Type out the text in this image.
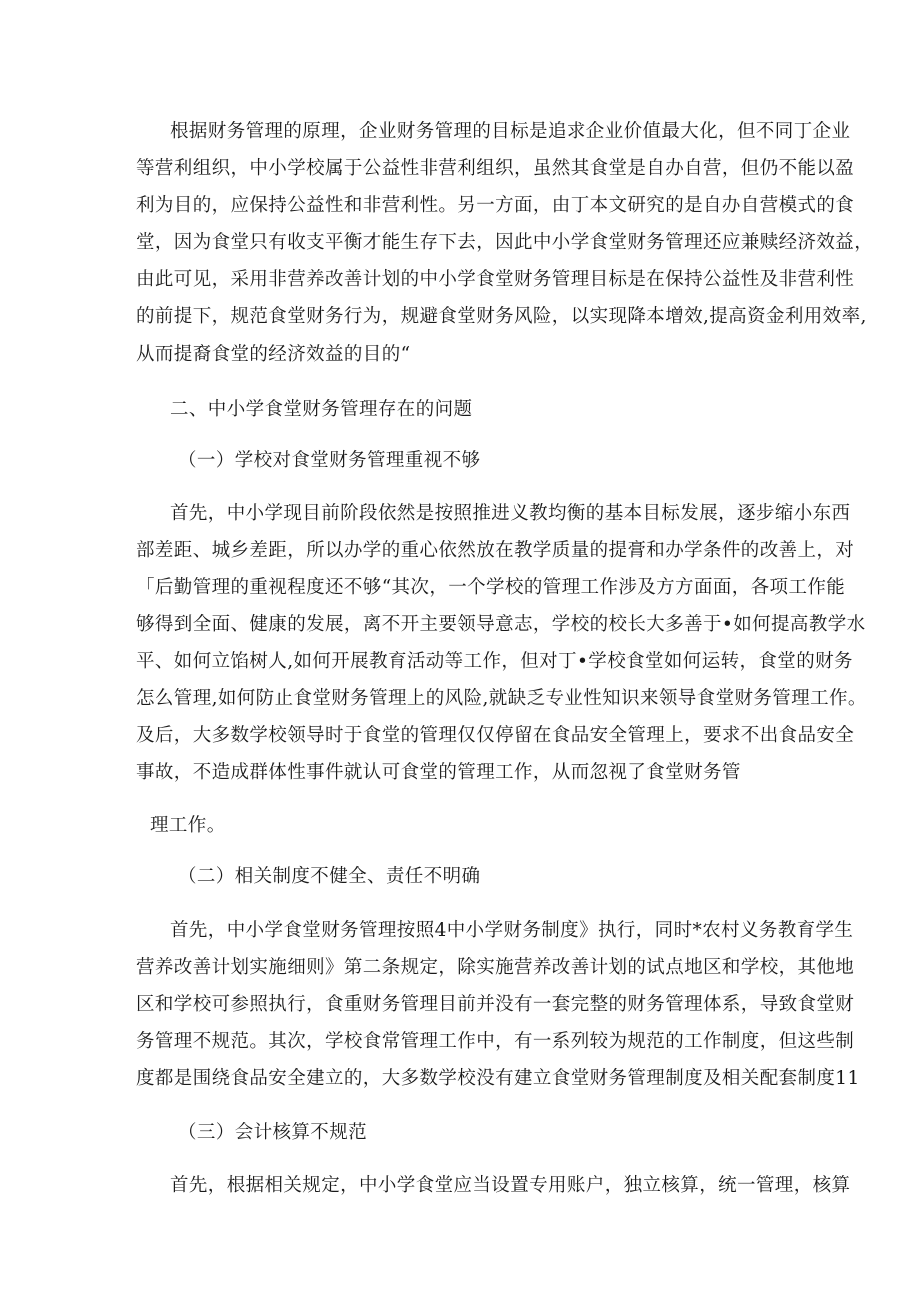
根据财务管理的原理，企业财务管理的目标是追求企业价值最大化，但不同丁企业
等营利组织，中小学校属于公益性非营利组织，虽然其食堂是自办自营，但仍不能以盈
利为目的，应保持公益性和非营利性。另一方面，由丁本文研究的是自办自营模式的食
堂，因为食堂只有收支平衡才能生存下去，因此中小学食堂财务管理还应兼赎经济效益，
由此可见，采用非营养改善计划的中小学食堂财务管理目标是在保持公益性及非营利性
的前提下，规范食堂财务行为，规避食堂财务风险，以实现降本增效,提高资金利用效率,
从而提裔食堂的经济效益的目的“
二、中小学食堂财务管理存在的问题
（一）学校对食堂财务管理重视不够
首先，中小学现目前阶段依然是按照推进义教均衡的基本目标发展，逐步缩小东西
部差距、城乡差距，所以办学的重心依然放在教学质量的提膏和办学条件的改善上，对
「后勤管理的重视程度还不够“其次，一个学校的管理工作涉及方方面面，各项工作能
够得到全面、健康的发展，离不开主要领导意志，学校的校长大多善于•如何提高教学水
平、如何立馅树人,如何开展教育活动等工作，但对丁•学校食堂如何运转，食堂的财务
怎么管理,如何防止食堂财务管理上的风险,就缺乏专业性知识来领导食堂财务管理工作。
及后，大多数学校领导时于食堂的管理仅仅停留在食品安全管理上，要求不出食品安全
事故，不造成群体性事件就认可食堂的管理工作，从而忽视了食堂财务管
理工作。
（二）相关制度不健全、责任不明确
首先，中小学食堂财务管理按照4中小学财务制度》执行，同时*农村义务教育学生
营养改善计划实施细则》第二条规定，除实施营养改善计划的试点地区和学校，其他地
区和学校可参照执行，食重财务管理目前并没有一套完整的财务管理体系，导致食堂财
务管理不规范。其次，学校食常管理工作中，有一系列较为规范的工作制度，但这些制
度都是围绕食品安全建立的，大多数学校没有建立食堂财务管理制度及相关配套制度11
（三）会计核算不规范
首先，根据相关规定，中小学食堂应当设置专用账户，独立核算，统一管理，核算
